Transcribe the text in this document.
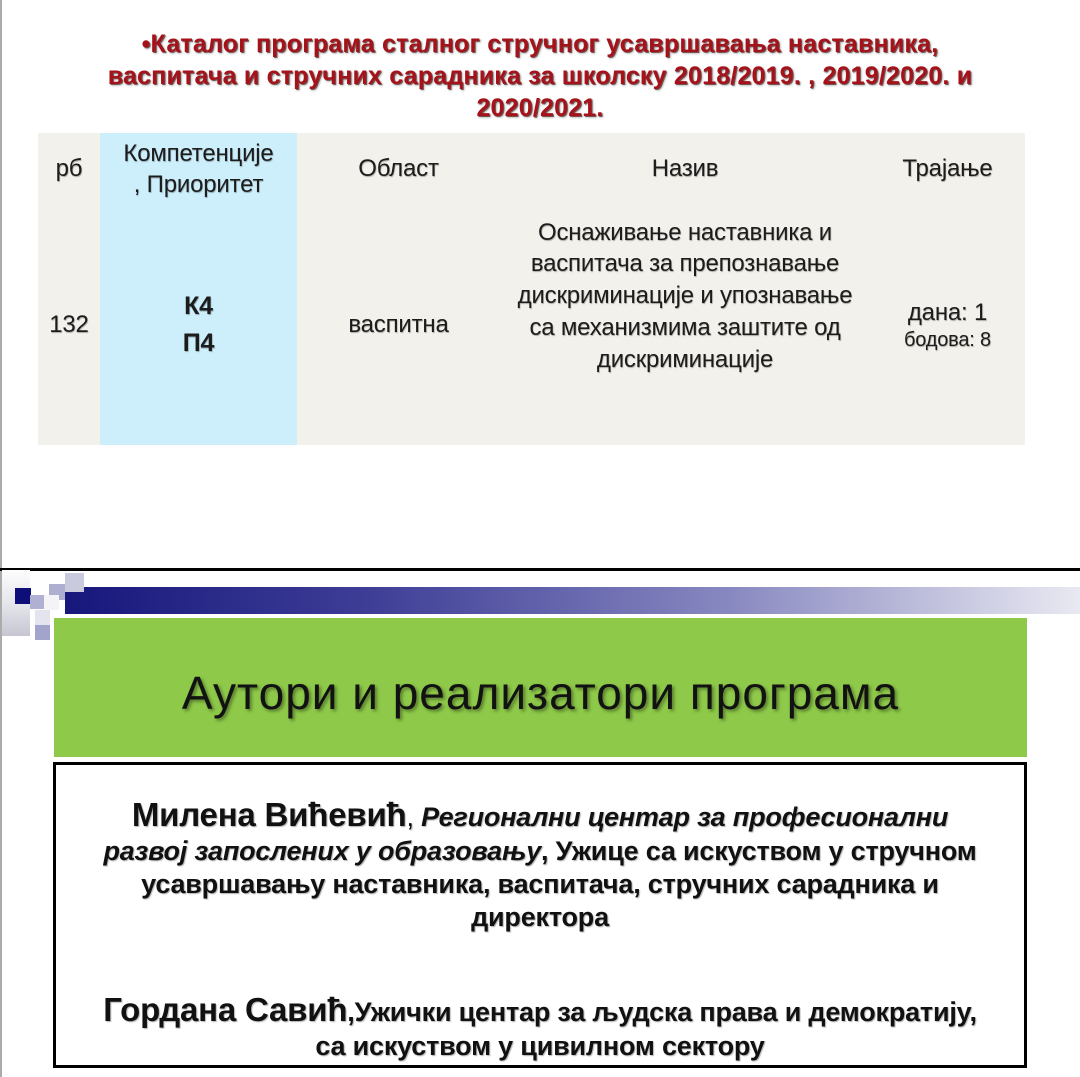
•Каталог програма сталног стручног усавршавања наставника, васпитача и стручних сарадника за школску 2018/2019. , 2019/2020. и 2020/2021.
рб
Компетенције
, Приоритет
Област	Назив	Трајање
132
К4
П4
васпитна
Оснаживање наставника и васпитача за препознавање дискриминације и упознавање са механизмима заштите од дискриминације
дана: 1
бодова: 8
Аутори и реализатори програма
Милена Вићевић, Регионални центар за професионални развој запослених у образовању, Ужице са искуством у стручном усавршавању наставника, васпитача, стручних сарадника и директора
Гордана Савић,Ужички центар за људска права и демократију, са искуством у цивилном сектору
